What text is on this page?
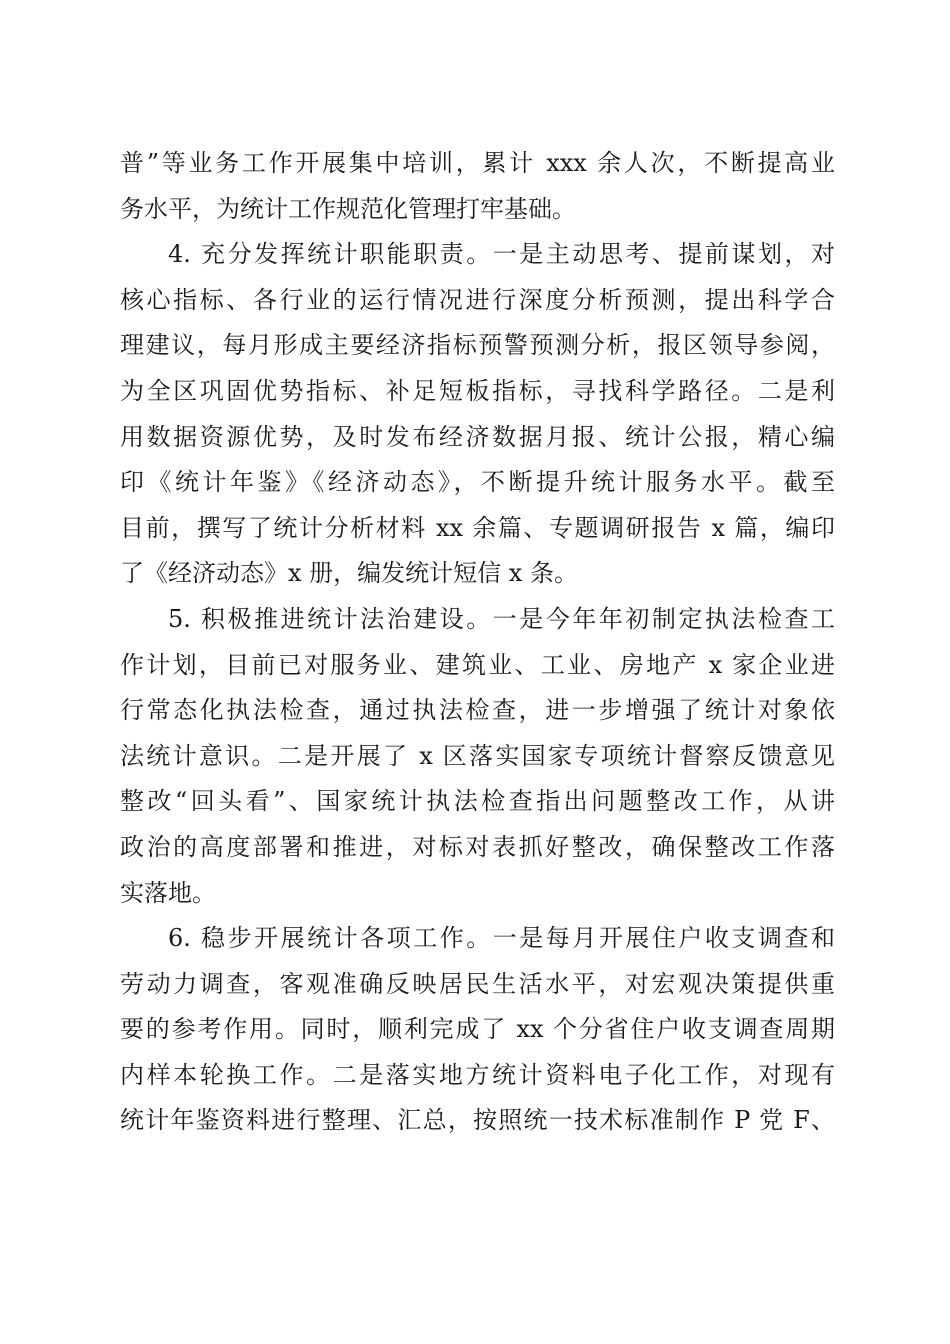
普”等业务工作开展集中培训，累计 xxx 余人次，不断提高业
务水平，为统计工作规范化管理打牢基础。
4. 充分发挥统计职能职责。一是主动思考、提前谋划，对
核心指标、各行业的运行情况进行深度分析预测，提出科学合
理建议，每月形成主要经济指标预警预测分析，报区领导参阅，
为全区巩固优势指标、补足短板指标，寻找科学路径。二是利
用数据资源优势，及时发布经济数据月报、统计公报，精心编
印《统计年鉴》《经济动态》，不断提升统计服务水平。截至
目前，撰写了统计分析材料 xx 余篇、专题调研报告 x 篇，编印
了《经济动态》x 册，编发统计短信 x 条。
5. 积极推进统计法治建设。一是今年年初制定执法检查工
作计划，目前已对服务业、建筑业、工业、房地产 x 家企业进
行常态化执法检查，通过执法检查，进一步增强了统计对象依
法统计意识。二是开展了 x 区落实国家专项统计督察反馈意见
整改“回头看”、国家统计执法检查指出问题整改工作，从讲
政治的高度部署和推进，对标对表抓好整改，确保整改工作落
实落地。
6. 稳步开展统计各项工作。一是每月开展住户收支调查和
劳动力调查，客观准确反映居民生活水平，对宏观决策提供重
要的参考作用。同时，顺利完成了 xx 个分省住户收支调查周期
内样本轮换工作。二是落实地方统计资料电子化工作，对现有
统计年鉴资料进行整理、汇总，按照统一技术标准制作 P 党 F、
